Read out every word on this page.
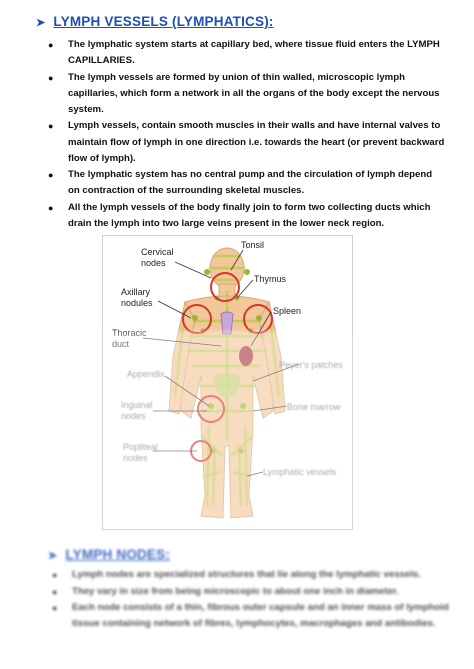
➤ LYMPH VESSELS (LYMPHATICS):
● The lymphatic system starts at capillary bed, where tissue fluid enters the LYMPH CAPILLARIES.
● The lymph vessels are formed by union of thin walled, microscopic lymph capillaries, which form a network in all the organs of the body except the nervous system.
● Lymph vessels, contain smooth muscles in their walls and have internal valves to maintain flow of lymph in one direction i.e. towards the heart (or prevent backward flow of lymph).
● The lymphatic system has no central pump and the circulation of lymph depend on contraction of the surrounding skeletal muscles.
● All the lymph vessels of the body finally join to form two collecting ducts which drain the lymph into two large veins present in the lower neck region.
Tonsil
Cervical
nodes
Thymus
Axillary
nodules
Spleen
Thoracic
duct
Peyer's patches
Appendix
Bone marrow
Inguinal
nodes
Popliteal
nodes
Lymphatic vessels
➤ LYMPH NODES:
● Lymph nodes are specialized structures that lie along the lymphatic vessels.
● They vary in size from being microscopic to about one inch in diameter.
● Each node consists of a thin, fibrous outer capsule and an inner mass of lymphoid tissue containing network of fibres, lymphocytes, macrophages and antibodies.
